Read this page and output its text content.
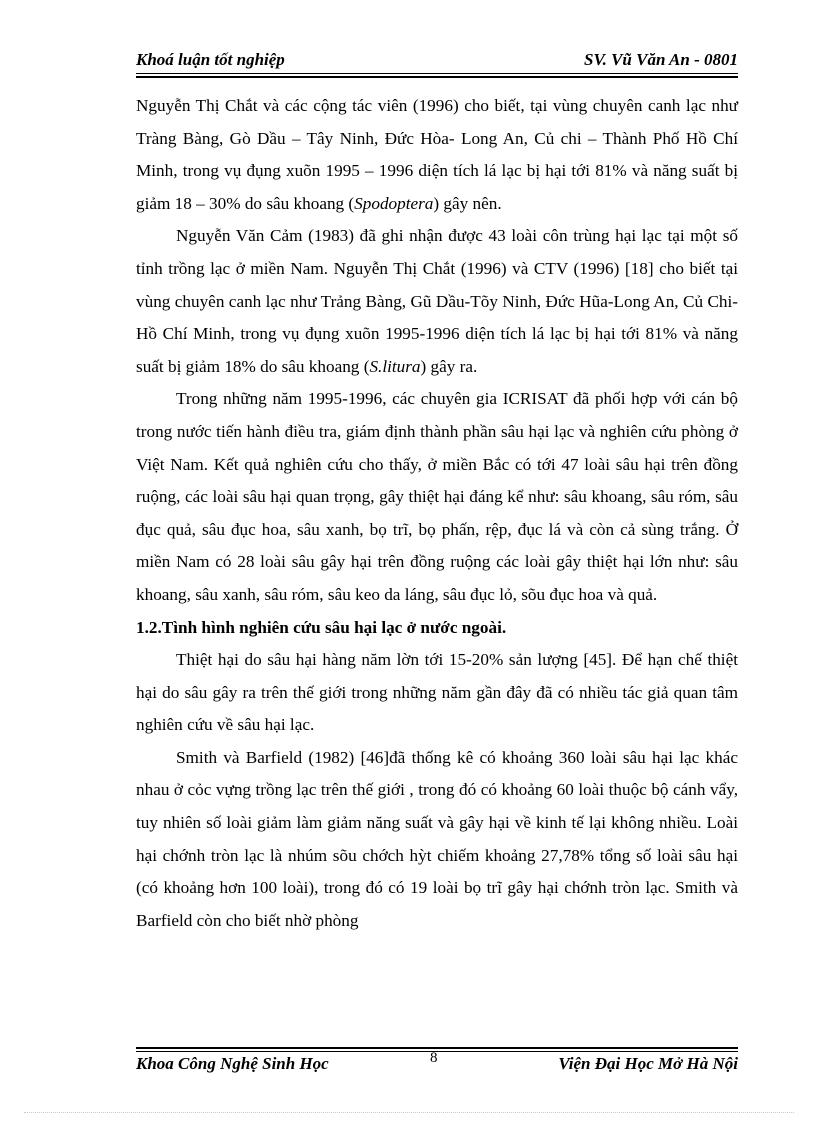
Khoá luận tốt nghiệp	SV. Vũ Văn An - 0801

Nguyễn Thị Chắt và các cộng tác viên (1996) cho biết, tại vùng chuyên canh lạc như Tràng Bàng, Gò Dầu – Tây Ninh, Đức Hòa- Long An, Củ chi – Thành Phố Hồ Chí Minh, trong vụ đụng xuõn 1995 – 1996 diện tích lá lạc bị hại tới 81% và năng suất bị giảm 18 – 30% do sâu khoang (Spodoptera) gây nên.

Nguyễn Văn Cảm (1983) đã ghi nhận được 43 loài côn trùng hại lạc tại một số tỉnh trồng lạc ở miền Nam. Nguyễn Thị Chắt (1996) và CTV (1996) [18] cho biết tại vùng chuyên canh lạc như Trảng Bàng, Gũ Dầu-Tõy Ninh, Đức Hũa-Long An, Củ Chi-Hồ Chí Minh, trong vụ đụng xuõn 1995-1996 diện tích lá lạc bị hại tới 81% và năng suất bị giảm 18% do sâu khoang (S.litura) gây ra.

Trong những năm 1995-1996, các chuyên gia ICRISAT đã phối hợp với cán bộ trong nước tiến hành điều tra, giám định thành phần sâu hại lạc và nghiên cứu phòng ở Việt Nam. Kết quả nghiên cứu cho thấy, ở miền Bắc có tới 47 loài sâu hại trên đồng ruộng, các loài sâu hại quan trọng, gây thiệt hại đáng kể như: sâu khoang, sâu róm, sâu đục quả, sâu đục hoa, sâu xanh, bọ trĩ, bọ phấn, rệp, đục lá và còn cả sùng trắng. Ở miền Nam có 28 loài sâu gây hại trên đồng ruộng các loài gây thiệt hại lớn như: sâu khoang, sâu xanh, sâu róm, sâu keo da láng, sâu đục lỏ, sõu đục hoa và quả.

1.2.Tình hình nghiên cứu sâu hại lạc ở nước ngoài.

Thiệt hại do sâu hại hàng năm lờn tới 15-20% sản lượng [45]. Để hạn chế thiệt hại do sâu gây ra trên thế giới trong những năm gần đây đã có nhiều tác giả quan tâm nghiên cứu về sâu hại lạc.

Smith và Barfield (1982) [46]đã thống kê có khoảng 360 loài sâu hại lạc khác nhau ở cỏc vựng trồng lạc trên thế giới , trong đó có khoảng 60 loài thuộc bộ cánh vẩy, tuy nhiên số loài giảm làm giảm năng suất và gây hại về kinh tế lại không nhiều. Loài hại chớnh tròn lạc là nhúm sõu chớch hỳt chiếm khoảng 27,78% tổng số loài sâu hại (có khoảng hơn 100 loài), trong đó có 19 loài bọ trĩ gây hại chớnh tròn lạc. Smith và Barfield còn cho biết nhờ phòng

Khoa Công Nghệ Sinh Học	8	Viện Đại Học Mở Hà Nội
